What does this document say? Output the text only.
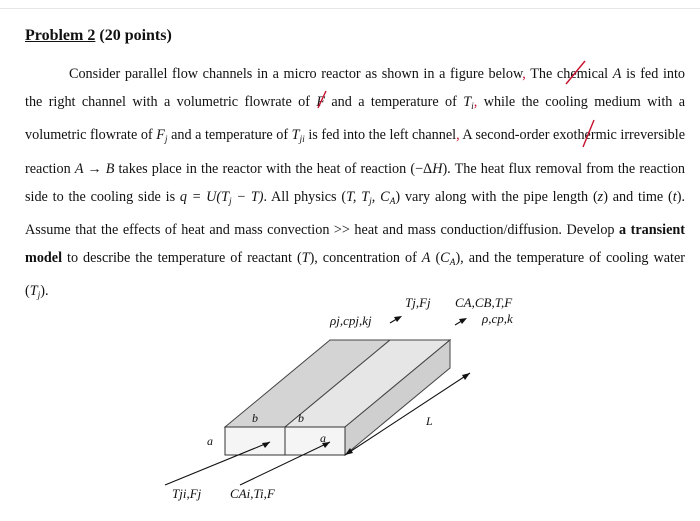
Problem 2 (20 points)

Consider parallel flow channels in a micro reactor as shown in a figure below, The chemical A is fed into the right channel with a volumetric flowrate of F and a temperature of $T_i$, while the cooling medium with a volumetric flowrate of $F_j$ and a temperature of $T_{ji}$ is fed into the left channel, A second-order exothermic irreversible reaction A → B takes place in the reactor with the heat of reaction (−ΔH). The heat flux removal from the reaction side to the cooling side is $q = U(T_j - T)$. All physics (T, $T_j$, $C_A$) vary along with the pipe length (z) and time (t). Assume that the effects of heat and mass convection >> heat and mass conduction/diffusion. Develop a transient model to describe the temperature of reactant (T), concentration of A $(C_A)$, and the temperature of cooling water $(T_j)$.

ρj,cpj,kj
Tj,Fj CA,CB,T,F
ρ,cp,k
b	b
a	a
L
Tji,Fj CAi,Ti,F
